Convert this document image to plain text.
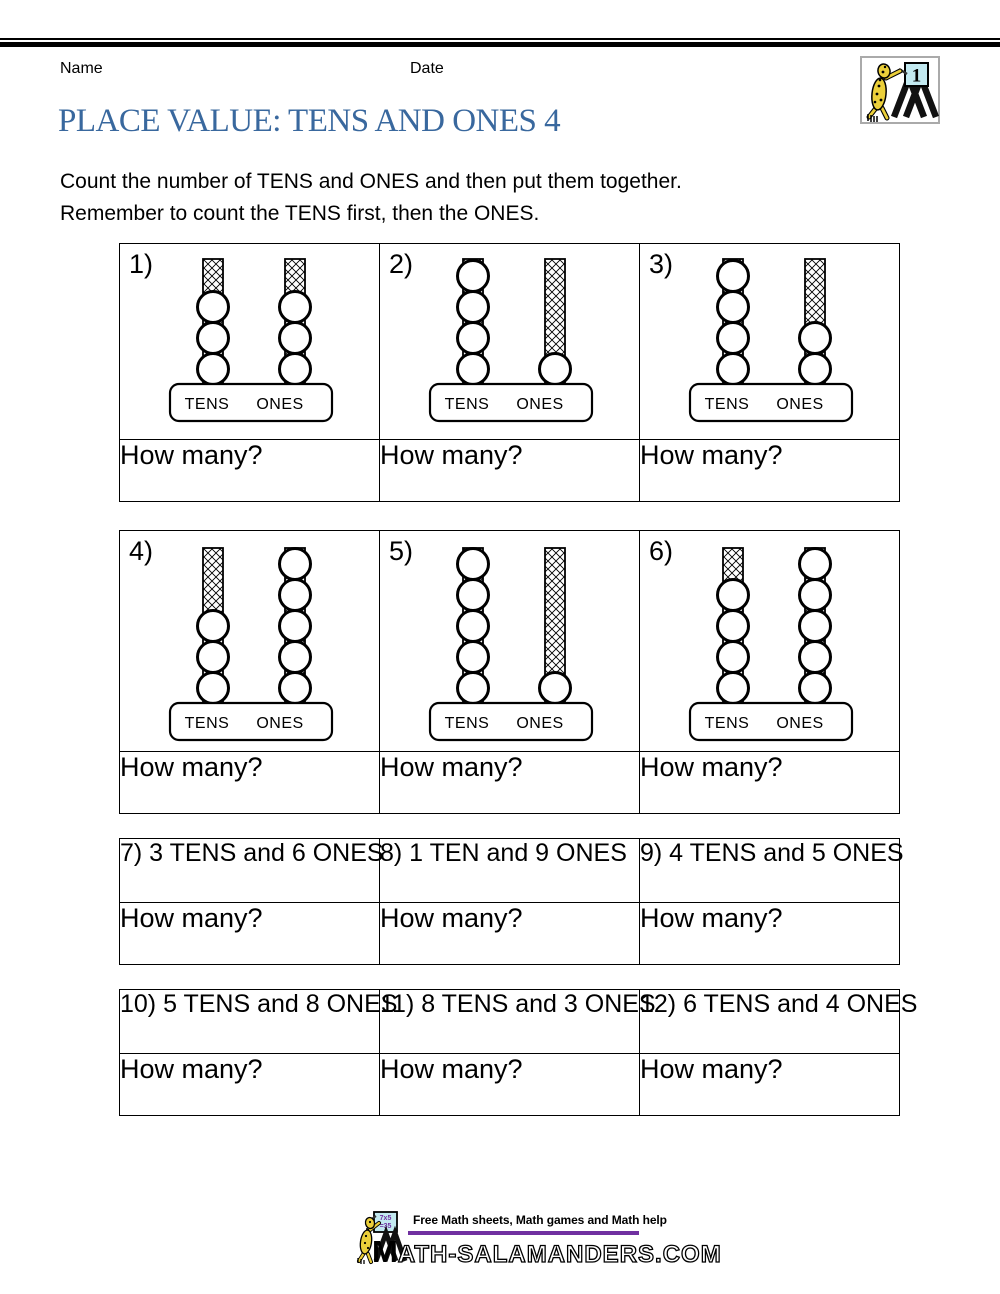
Name	Date	1
PLACE VALUE: TENS AND ONES 4

Count the number of TENS and ONES and then put them together.

Remember to count the TENS first, then the ONES.

1)
TENS ONES

2)
TENS ONES

3)
TENS ONES

How many?	How many?	How many?
4)
TENS ONES

5)
TENS ONES

6)
TENS ONES

How many?	How many?	How many?
7) 3 TENS and 6 ONES	8) 1 TEN and 9 ONES	9) 4 TENS and 5 ONES
How many?	How many?	How many?
10) 5 TENS and 8 ONES	11) 8 TENS and 3 ONES	12) 6 TENS and 4 ONES
How many?	How many?	How many?
7x5
=35 Free Math sheets, Math games and Math help
MATH-SALAMANDERS.COM
